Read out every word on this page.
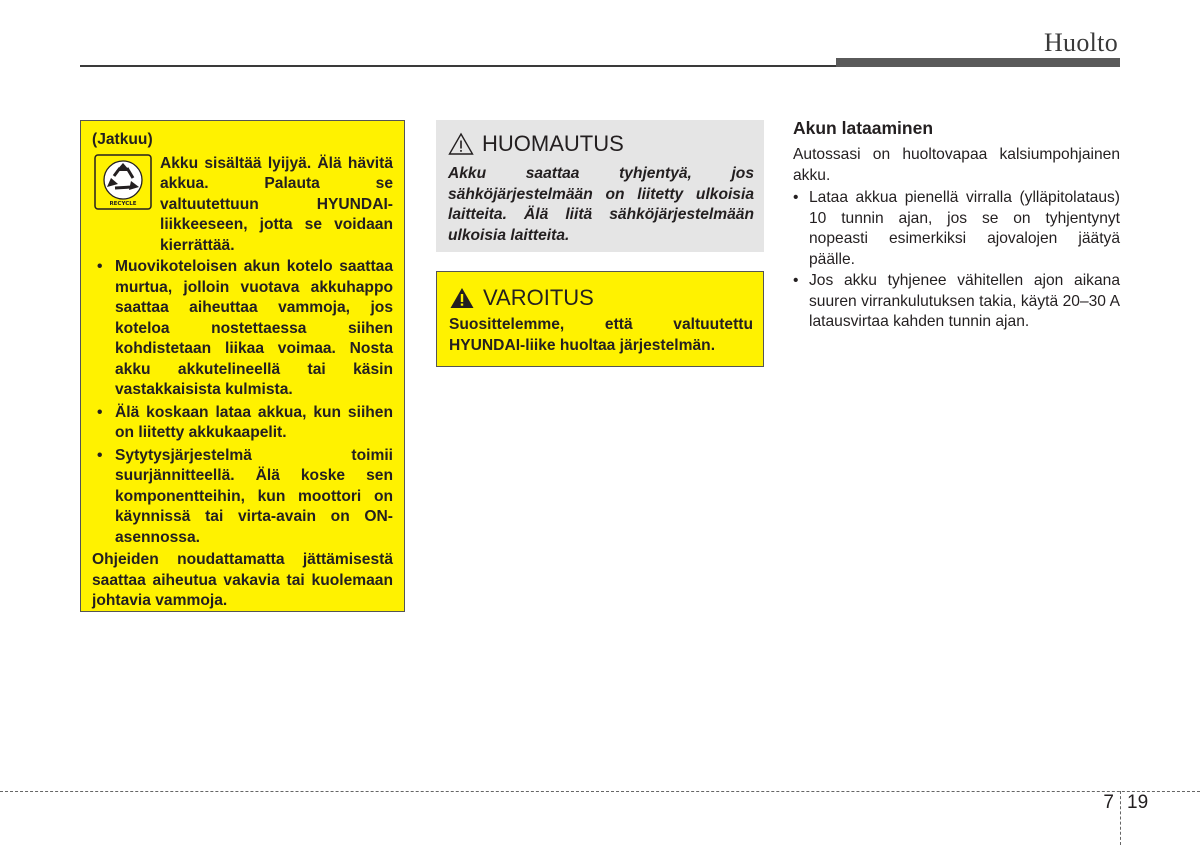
Huolto
(Jatkuu)
RECYCLE
Akku sisältää lyijyä. Älä hävitä akkua. Palauta se valtuutettuun HYUNDAI-liikkeeseen, jotta se voidaan kierrättää.
• Muovikoteloisen akun kotelo saattaa murtua, jolloin vuotava akkuhappo saattaa aiheuttaa vammoja, jos koteloa nostettaessa siihen kohdistetaan liikaa voimaa. Nosta akku akkutelineellä tai käsin vastakkaisista kulmista.
• Älä koskaan lataa akkua, kun siihen on liitetty akkukaapelit.
• Sytytysjärjestelmä toimii suurjännitteellä. Älä koske sen komponentteihin, kun moottori on käynnissä tai virta-avain on ON-asennossa.
Ohjeiden noudattamatta jättämisestä saattaa aiheutua vakavia tai kuolemaan johtavia vammoja.
HUOMAUTUS
Akku saattaa tyhjentyä, jos sähköjärjestelmään on liitetty ulkoisia laitteita. Älä liitä sähköjärjestelmään ulkoisia laitteita.
VAROITUS
Suosittelemme, että valtuutettu HYUNDAI-liike huoltaa järjestelmän.
Akun lataaminen

Autossasi on huoltovapaa kalsiumpohjainen akku.

• Lataa akkua pienellä virralla (ylläpitolataus) 10 tunnin ajan, jos se on tyhjentynyt nopeasti esimerkiksi ajovalojen jäätyä päälle.
• Jos akku tyhjenee vähitellen ajon aikana suuren virrankulutuksen takia, käytä 20–30 A latausvirtaa kahden tunnin ajan.
7 19
